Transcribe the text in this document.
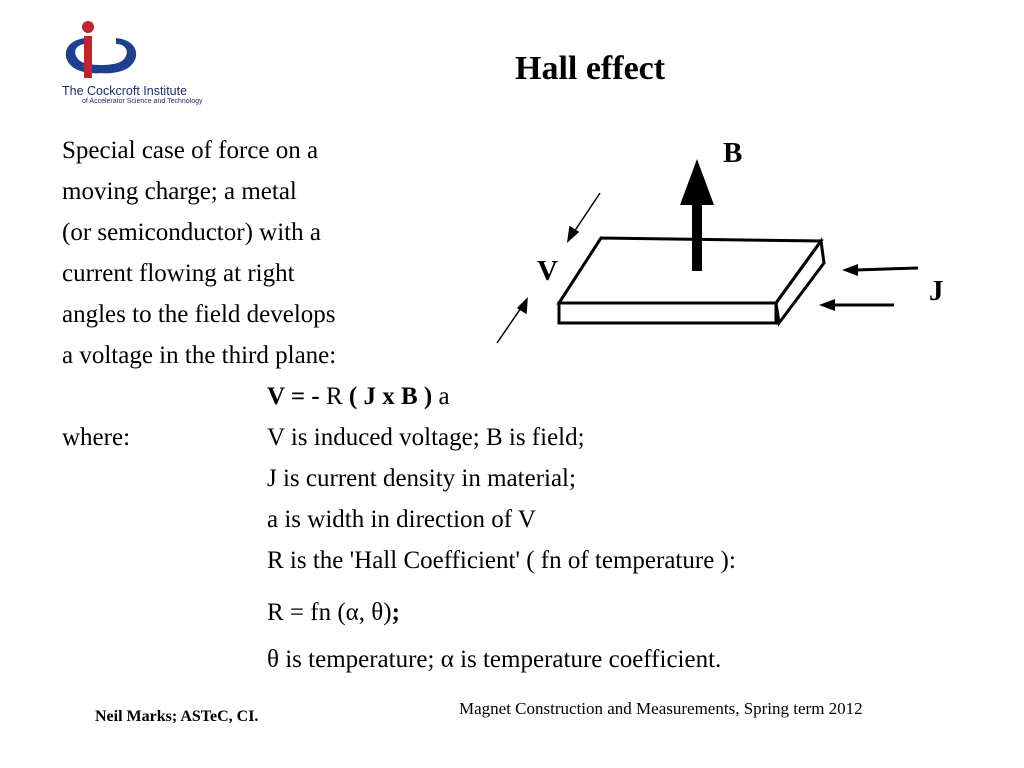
The Cockcroft Institute
of Accelerator Science and Technology
Hall effect
Special case of force on a
moving charge; a metal
(or semiconductor) with a
current flowing at right
angles to the field develops
a voltage in the third plane:
V = - R ( J x B ) a
where:	V is induced voltage; B is field;
J is current density in material;
a is width in direction of V
R is the 'Hall Coefficient' ( fn of temperature ):
R = fn (α, θ);
θ is temperature; α is temperature coefficient.
B
V
J
Neil Marks; ASTeC, CI.	Magnet Construction and Measurements, Spring term 2012
